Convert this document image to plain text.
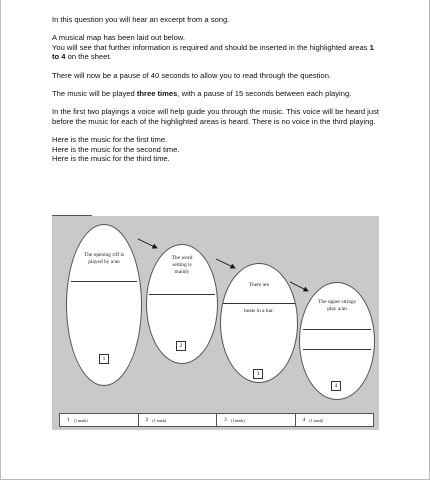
In this question you will hear an excerpt from a song.

A musical map has been laid out below.
You will see that further information is required and should be inserted in the highlighted areas 1 to 4 on the sheet.

There will now be a pause of 40 seconds to allow you to read through the question.

The music will be played three times, with a pause of 15 seconds between each playing.

In the first two playings a voice will help guide you through the music. This voice will be heard just before the music for each of the highlighted areas is heard. There is no voice in the third playing.

Here is the music for the first time.

Here is the music for the second time.

Here is the music for the third time.

The opening riff is
played by a/an
1
The word
setting is
mainly
2
There are
beats in a bar.
3
The upper strings
play a/an
4
1 (1 mark)	2 (1 mark)	3 (1 mark)	4 (1 mark)
